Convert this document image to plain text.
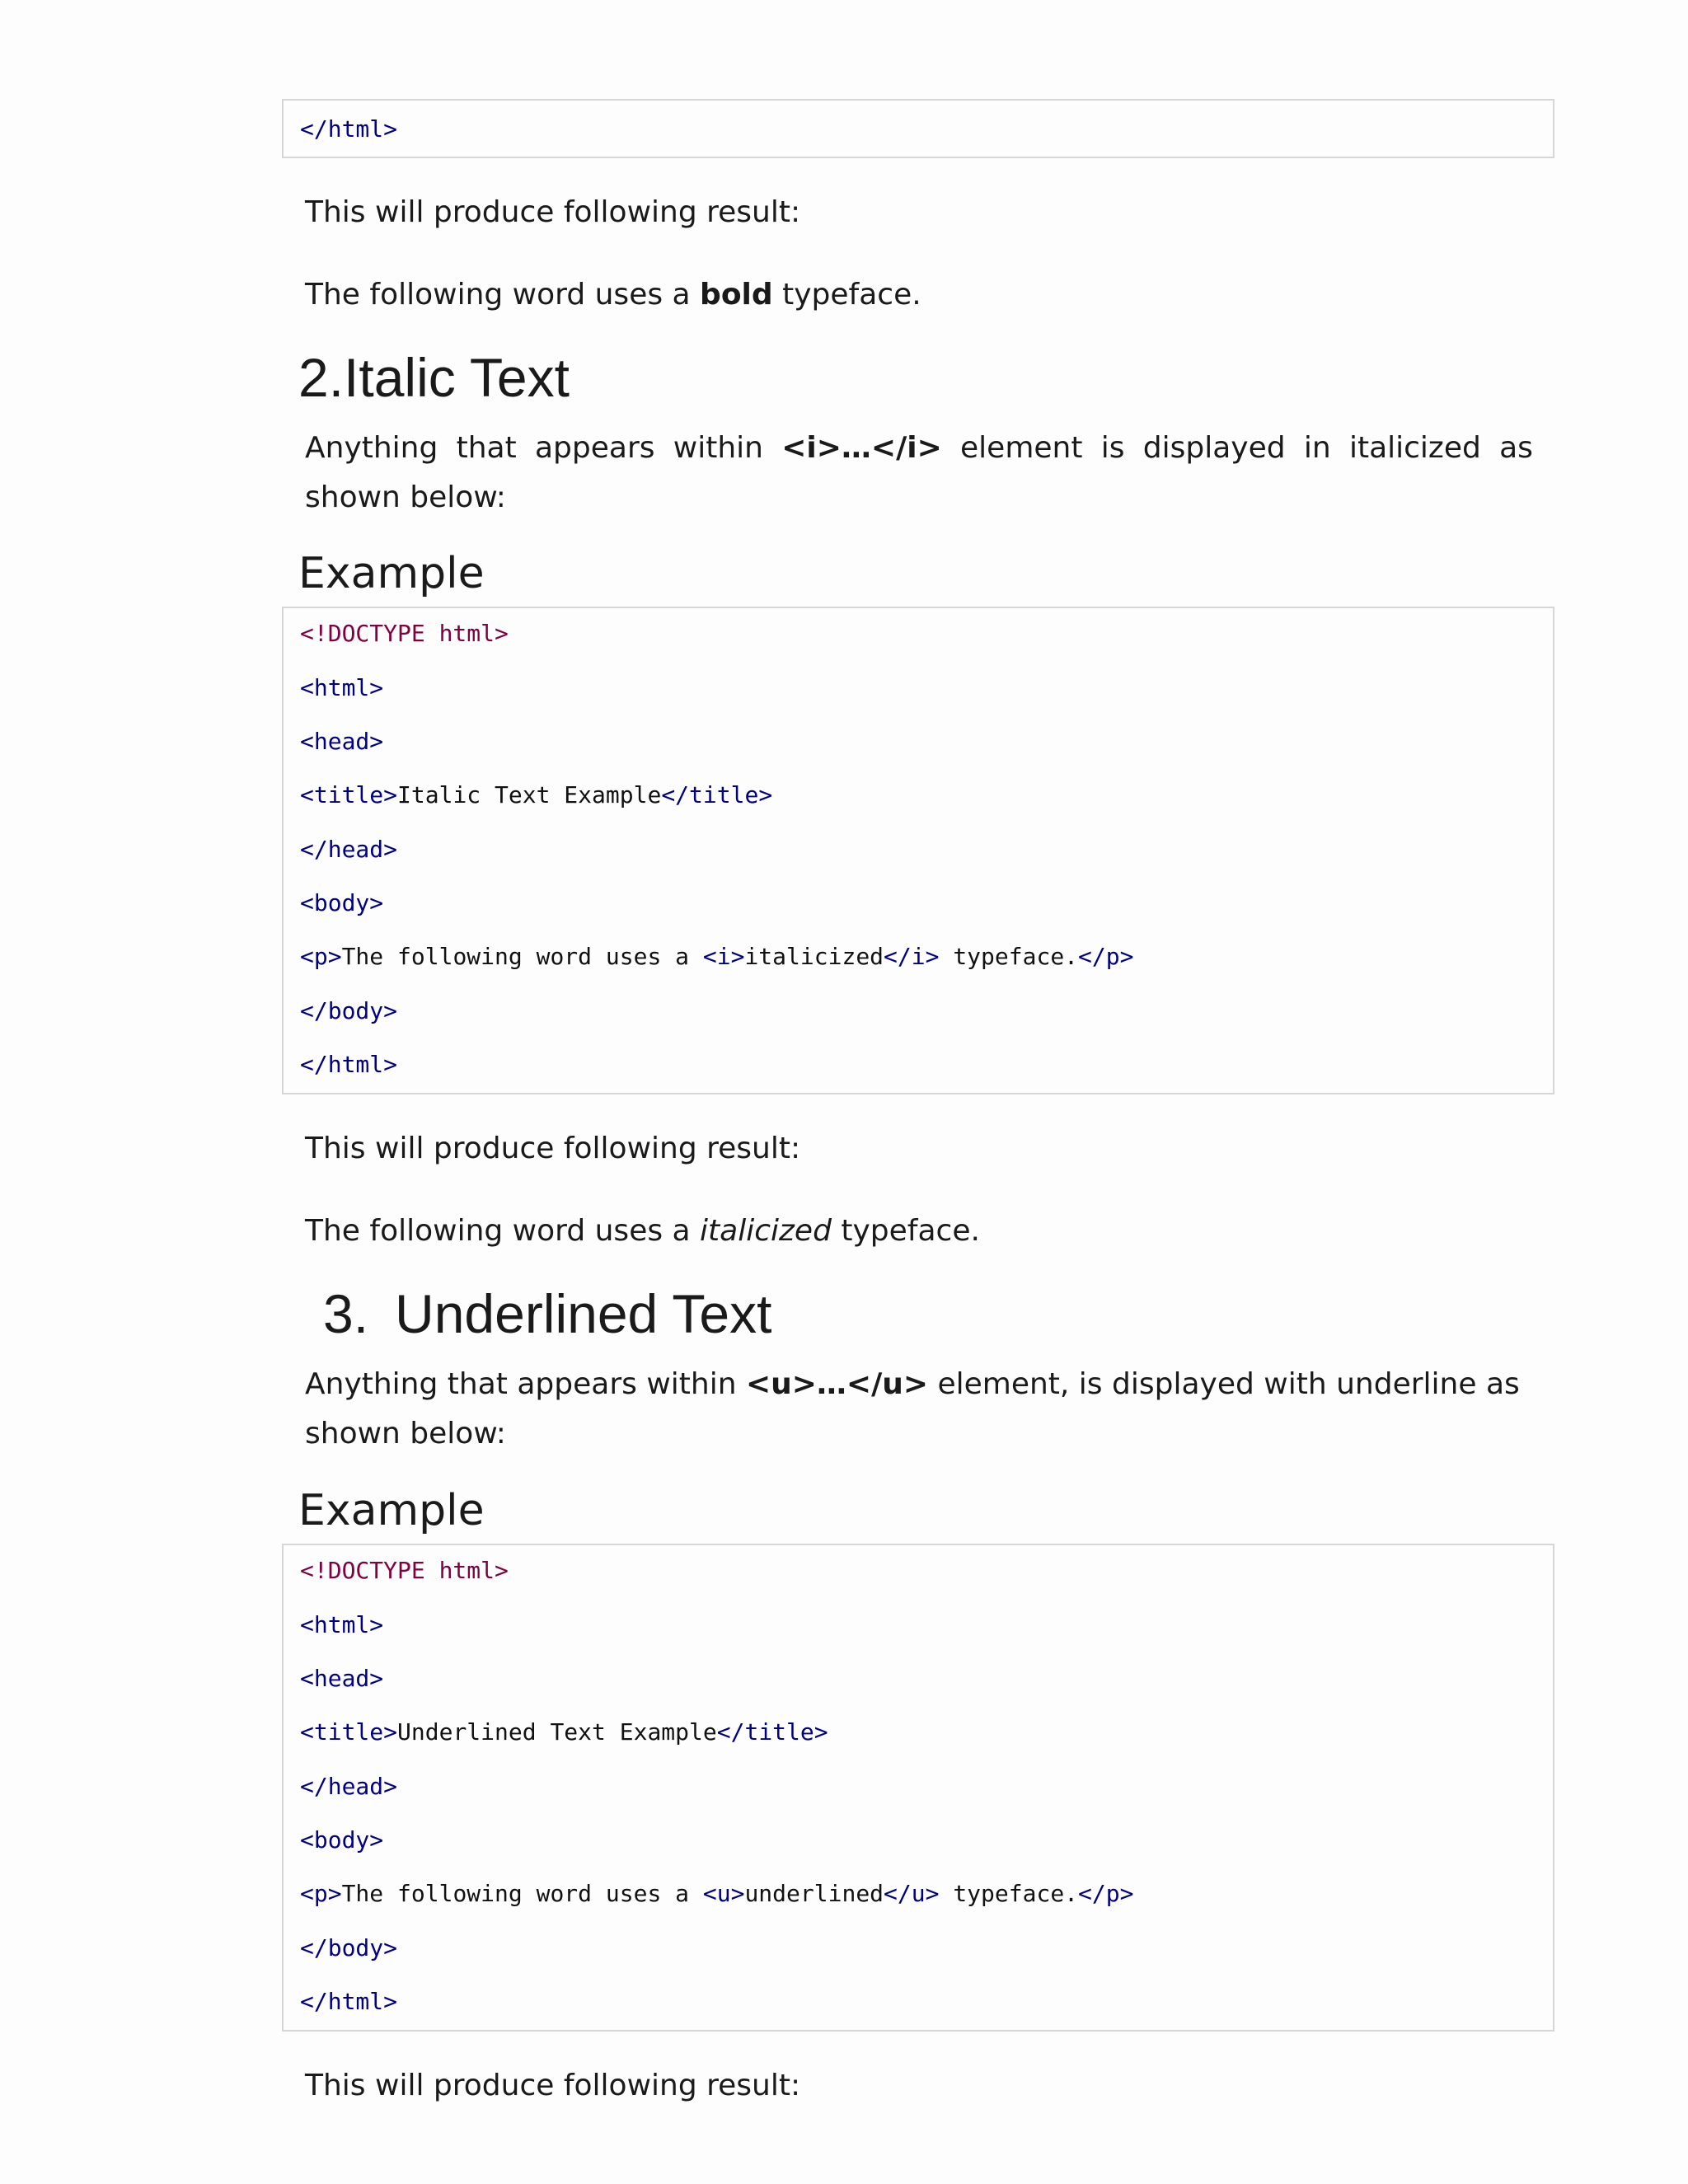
</html>

This will produce following result:

The following word uses a bold typeface.

2.Italic Text
Anything that appears within <i>…</i> element is displayed in italicized as
shown below:
Example
<!DOCTYPE html>
<html>
<head>
<title>Italic Text Example</title>
</head>
<body>
<p>The following word uses a <i>italicized</i> typeface.</p>
</body>
</html>

This will produce following result:

The following word uses a italicized typeface.

3. Underlined Text
Anything that appears within <u>…</u> element, is displayed with underline as
shown below:
Example
<!DOCTYPE html>
<html>
<head>
<title>Underlined Text Example</title>
</head>
<body>
<p>The following word uses a <u>underlined</u> typeface.</p>
</body>
</html>

This will produce following result:
